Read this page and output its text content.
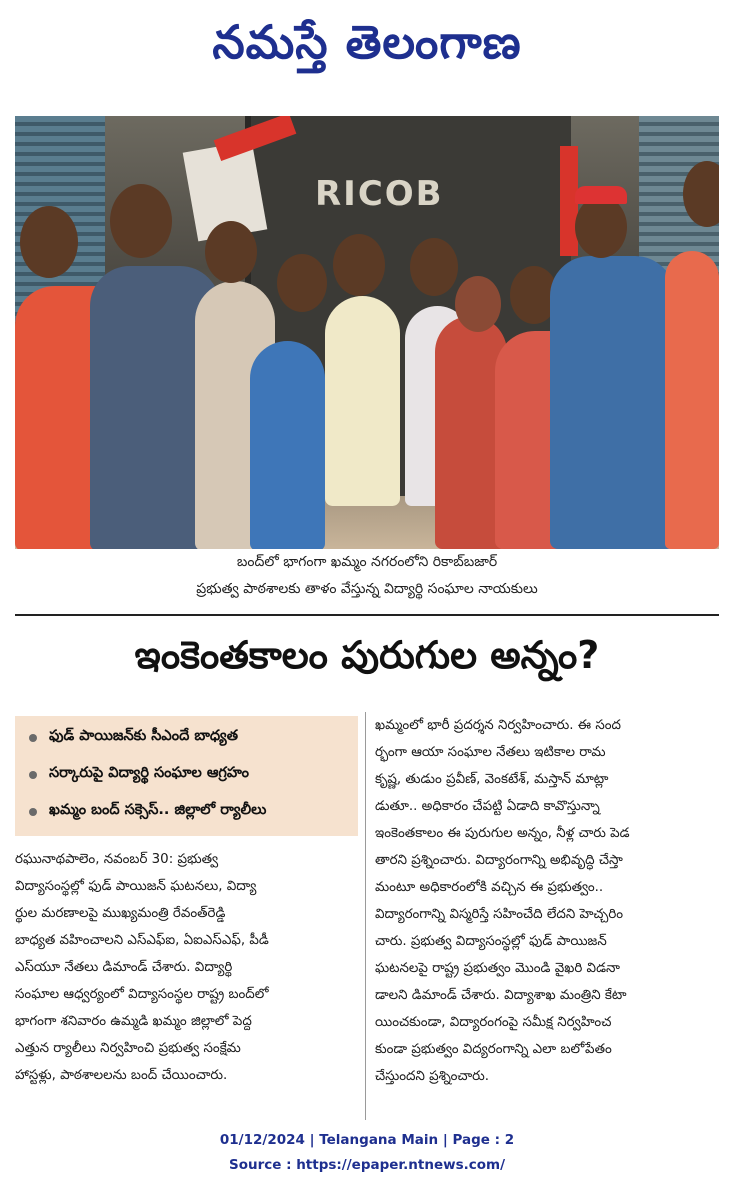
నమస్తే తెలంగాణ
RICOB
బంద్‌లో భాగంగా ఖమ్మం నగరంలోని రికాబ్‌బజార్
ప్రభుత్వ పాఠశాలకు తాళం వేస్తున్న విద్యార్థి సంఘాల నాయకులు
ఇంకెంతకాలం పురుగుల అన్నం?
ఫుడ్ పాయిజన్‌కు సీఎందే బాధ్యత
సర్కారుపై విద్యార్థి సంఘాల ఆగ్రహం
ఖమ్మం బంద్ సక్సెస్.. జిల్లాలో ర్యాలీలు
రఘునాథపాలెం, నవంబర్ 30: ప్రభుత్వ
విద్యాసంస్థల్లో ఫుడ్ పాయిజన్ ఘటనలు, విద్యా
ర్థుల మరణాలపై ముఖ్యమంత్రి రేవంత్‌రెడ్డి
బాధ్యత వహించాలని ఎస్‌ఎఫ్‌ఐ, ఏఐఎస్‌ఎఫ్, పీడీ
ఎస్‌యూ నేతలు డిమాండ్ చేశారు. విద్యార్థి
సంఘాల ఆధ్వర్యంలో విద్యాసంస్థల రాష్ట్ర బంద్‌లో
భాగంగా శనివారం ఉమ్మడి ఖమ్మం జిల్లాలో పెద్ద
ఎత్తున ర్యాలీలు నిర్వహించి ప్రభుత్వ సంక్షేమ
హాస్టళ్లు, పాఠశాలలను బంద్ చేయించారు.
ఖమ్మంలో భారీ ప్రదర్శన నిర్వహించారు. ఈ సంద
ర్భంగా ఆయా సంఘాల నేతలు ఇటికాల రామ
కృష్ణ, తుడుం ప్రవీణ్, వెంకటేశ్, మస్తాన్ మాట్లా
డుతూ.. అధికారం చేపట్టి ఏడాది కావొస్తున్నా
ఇంకెంతకాలం ఈ పురుగుల అన్నం, నీళ్ల చారు పెడ
తారని ప్రశ్నించారు. విద్యారంగాన్ని అభివృద్ధి చేస్తా
మంటూ అధికారంలోకి వచ్చిన ఈ ప్రభుత్వం..
విద్యారంగాన్ని విస్మరిస్తే సహించేది లేదని హెచ్చరిం
చారు. ప్రభుత్వ విద్యాసంస్థల్లో ఫుడ్ పాయిజన్
ఘటనలపై రాష్ట్ర ప్రభుత్వం మొండి వైఖరి విడనా
డాలని డిమాండ్ చేశారు. విద్యాశాఖ మంత్రిని కేటా
యించకుండా, విద్యారంగంపై సమీక్ష నిర్వహించ
కుండా ప్రభుత్వం విద్యరంగాన్ని ఎలా బలోపేతం
చేస్తుందని ప్రశ్నించారు.
01/12/2024 | Telangana Main | Page : 2
Source : https://epaper.ntnews.com/
